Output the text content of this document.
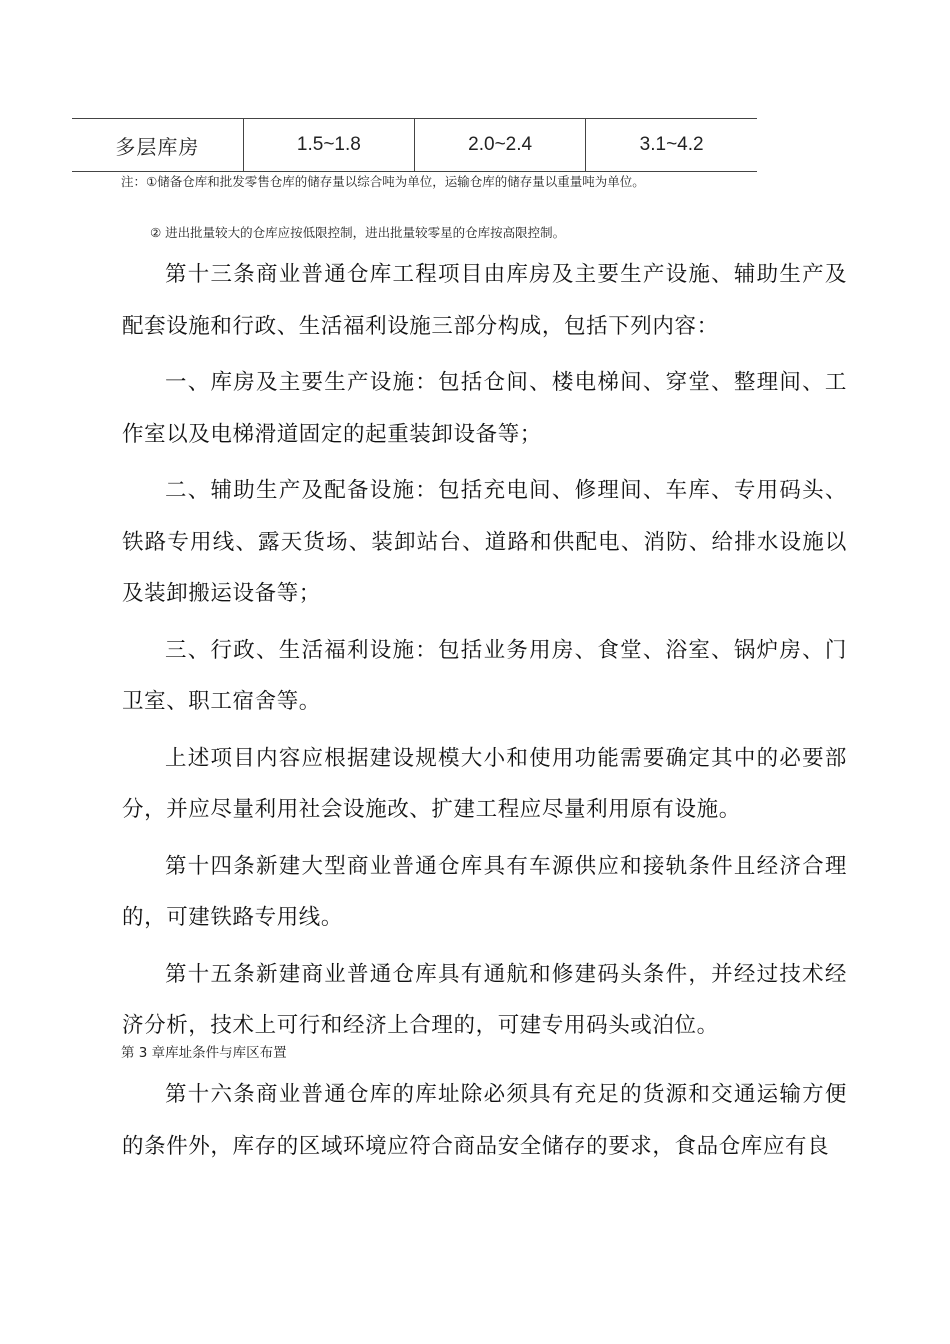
多层库房	1.5~1.8	2.0~2.4	3.1~4.2
注：①储备仓库和批发零售仓库的储存量以综合吨为单位，运输仓库的储存量以重量吨为单位。
② 进出批量较大的仓库应按低限控制，进出批量较零星的仓库按高限控制。

第十三条商业普通仓库工程项目由库房及主要生产设施、辅助生产及配套设施和行政、生活福利设施三部分构成，包括下列内容：

一、库房及主要生产设施：包括仓间、楼电梯间、穿堂、整理间、工作室以及电梯滑道固定的起重装卸设备等；

二、辅助生产及配备设施：包括充电间、修理间、车库、专用码头、铁路专用线、露天货场、装卸站台、道路和供配电、消防、给排水设施以及装卸搬运设备等；

三、行政、生活福利设施：包括业务用房、食堂、浴室、锅炉房、门卫室、职工宿舍等。

上述项目内容应根据建设规模大小和使用功能需要确定其中的必要部分，并应尽量利用社会设施改、扩建工程应尽量利用原有设施。

第十四条新建大型商业普通仓库具有车源供应和接轨条件且经济合理的，可建铁路专用线。

第十五条新建商业普通仓库具有通航和修建码头条件，并经过技术经济分析，技术上可行和经济上合理的，可建专用码头或泊位。

第 3 章库址条件与库区布置

第十六条商业普通仓库的库址除必须具有充足的货源和交通运输方便的条件外，库存的区域环境应符合商品安全储存的要求，食品仓库应有良
